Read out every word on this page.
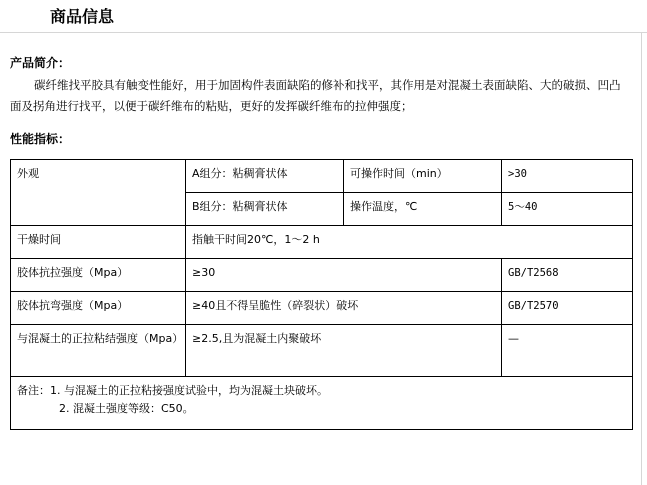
商品信息
产品简介：

碳纤维找平胶具有触变性能好，用于加固构件表面缺陷的修补和找平，其作用是对混凝土表面缺陷、大的破损、凹凸面及拐角进行找平，以便于碳纤维布的粘贴，更好的发挥碳纤维布的拉伸强度；

性能指标：
外观	A组分：粘稠膏状体	可操作时间（min）	>30
	B组分：粘稠膏状体	操作温度，℃	5～40
干燥时间	指触干时间20℃，1～2 h		
胶体抗拉强度（Mpa）	≥30		GB/T2568
胶体抗弯强度（Mpa）	≥40且不得呈脆性（碎裂状）破坏		GB/T2570
与混凝土的正拉粘结强度（Mpa）	≥2.5,且为混凝土内聚破坏		—

备注：1. 与混凝土的正拉粘接强度试验中，均为混凝土块破坏。
2. 混凝土强度等级：C50。			
